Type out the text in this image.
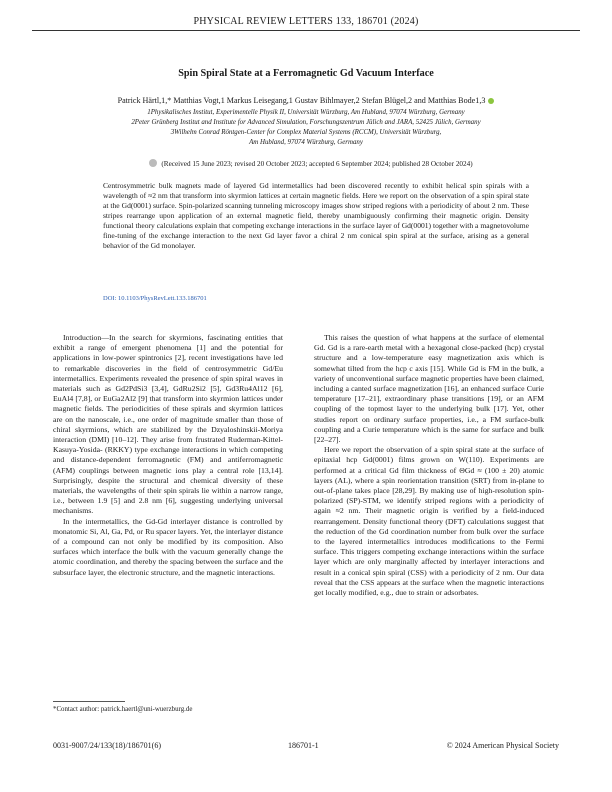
PHYSICAL REVIEW LETTERS 133, 186701 (2024)
Spin Spiral State at a Ferromagnetic Gd Vacuum Interface
Patrick Härtl,1,* Matthias Vogt,1 Markus Leisegang,1 Gustav Bihlmayer,2 Stefan Blügel,2 and Matthias Bode1,3
1Physikalisches Institut, Experimentelle Physik II, Universität Würzburg, Am Hubland, 97074 Würzburg, Germany
2Peter Grünberg Institut and Institute for Advanced Simulation, Forschungszentrum Jülich and JARA, 52425 Jülich, Germany
3Wilhelm Conrad Röntgen-Center for Complex Material Systems (RCCM), Universität Würzburg,
Am Hubland, 97074 Würzburg, Germany
(Received 15 June 2023; revised 20 October 2023; accepted 6 September 2024; published 28 October 2024)
Centrosymmetric bulk magnets made of layered Gd intermetallics had been discovered recently to exhibit helical spin spirals with a wavelength of ≈2 nm that transform into skyrmion lattices at certain magnetic fields. Here we report on the observation of a spin spiral state at the Gd(0001) surface. Spin-polarized scanning tunneling microscopy images show striped regions with a periodicity of about 2 nm. These stripes rearrange upon application of an external magnetic field, thereby unambiguously confirming their magnetic origin. Density functional theory calculations explain that competing exchange interactions in the surface layer of Gd(0001) together with a magnetovolume fine-tuning of the exchange interaction to the next Gd layer favor a chiral 2 nm conical spin spiral at the surface, arising as a general behavior of the Gd monolayer.
DOI: 10.1103/PhysRevLett.133.186701

Introduction—In the search for skyrmions, fascinating entities that exhibit a range of emergent phenomena [1] and the potential for applications in low-power spintronics [2], recent investigations have led to remarkable discoveries in the field of centrosymmetric Gd/Eu intermetallics. Experiments revealed the presence of spin spiral waves in materials such as Gd2PdSi3 [3,4], GdRu2Si2 [5], Gd3Ru4Al12 [6], EuAl4 [7,8], or EuGa2Al2 [9] that transform into skyrmion lattices under magnetic fields. The periodicities of these spirals and skyrmion lattices are on the nanoscale, i.e., one order of magnitude smaller than those of chiral skyrmions, which are stabilized by the Dzyaloshinskii-Moriya interaction (DMI) [10–12]. They arise from frustrated Ruderman-Kittel-Kasuya-Yosida- (RKKY) type exchange interactions in which competing and distance-dependent ferromagnetic (FM) and antiferromagnetic (AFM) couplings between magnetic ions play a central role [13,14]. Surprisingly, despite the structural and chemical diversity of these materials, the wavelengths of their spin spirals lie within a narrow range, i.e., between 1.9 [5] and 2.8 nm [6], suggesting underlying universal mechanisms.

In the intermetallics, the Gd-Gd interlayer distance is controlled by monatomic Si, Al, Ga, Pd, or Ru spacer layers. Yet, the interlayer distance of a compound can not only be modified by its composition. Also surfaces which interface the bulk with the vacuum generally change the atomic coordination, and thereby the spacing between the surface and the subsurface layer, the electronic structure, and the magnetic interactions.

This raises the question of what happens at the surface of elemental Gd. Gd is a rare-earth metal with a hexagonal close-packed (hcp) crystal structure and a low-temperature easy magnetization axis which is somewhat tilted from the hcp c axis [15]. While Gd is FM in the bulk, a variety of unconventional surface magnetic properties have been claimed, including a canted surface magnetization [16], an enhanced surface Curie temperature [17–21], extraordinary phase transitions [19], or an AFM coupling of the topmost layer to the underlying bulk [17]. Yet, other studies report on ordinary surface properties, i.e., a FM surface-bulk coupling and a Curie temperature which is the same for surface and bulk [22–27].

Here we report the observation of a spin spiral state at the surface of epitaxial hcp Gd(0001) films grown on W(110). Experiments are performed at a critical Gd film thickness of ΘGd ≈ (100 ± 20) atomic layers (AL), where a spin reorientation transition (SRT) from in-plane to out-of-plane takes place [28,29]. By making use of high-resolution spin-polarized (SP)-STM, we identify striped regions with a periodicity of again ≈2 nm. Their magnetic origin is verified by a field-induced rearrangement. Density functional theory (DFT) calculations suggest that the reduction of the Gd coordination number from bulk over the surface to the layered intermetallics introduces modifications to the Fermi surface. This triggers competing exchange interactions within the surface layer which are only marginally affected by interlayer interactions and result in a conical spin spiral (CSS) with a periodicity of 2 nm. Our data reveal that the CSS appears at the surface when the magnetic interactions get locally modified, e.g., due to strain or adsorbates.

*Contact author: patrick.haertl@uni-wuerzburg.de
0031-9007/24/133(18)/186701(6)	186701-1	© 2024 American Physical Society
